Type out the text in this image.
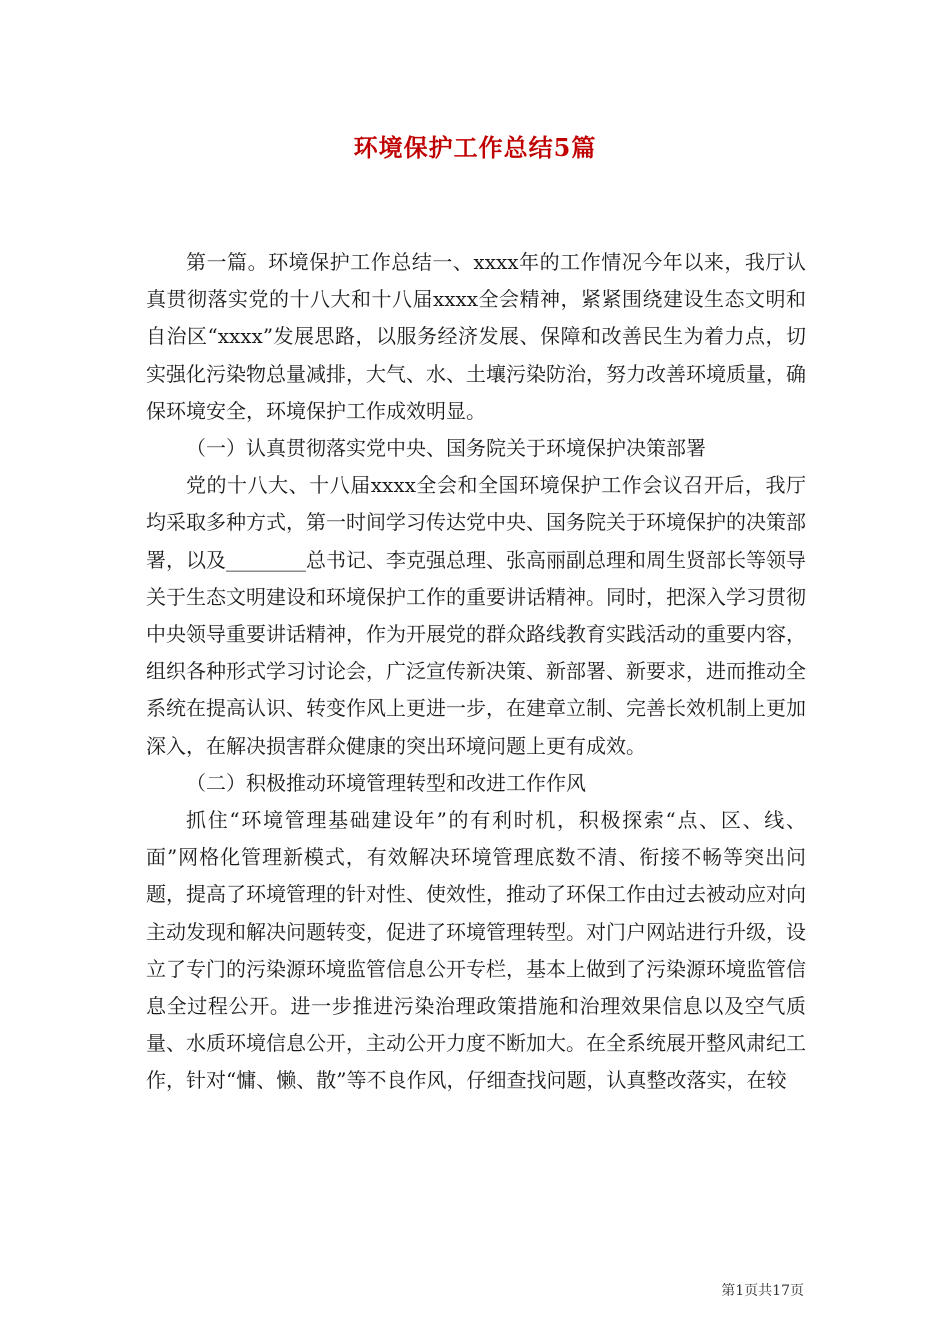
环境保护工作总结5篇

第一篇。环境保护工作总结一、xxxx年的工作情况今年以来，我厅认真贯彻落实党的十八大和十八届xxxx全会精神，紧紧围绕建设生态文明和自治区“xxxx”发展思路，以服务经济发展、保障和改善民生为着力点，切实强化污染物总量减排，大气、水、土壤污染防治，努力改善环境质量，确保环境安全，环境保护工作成效明显。

（一）认真贯彻落实党中央、国务院关于环境保护决策部署

党的十八大、十八届xxxx全会和全国环境保护工作会议召开后，我厅均采取多种方式，第一时间学习传达党中央、国务院关于环境保护的决策部署，以及________总书记、李克强总理、张高丽副总理和周生贤部长等领导关于生态文明建设和环境保护工作的重要讲话精神。同时，把深入学习贯彻中央领导重要讲话精神，作为开展党的群众路线教育实践活动的重要内容，组织各种形式学习讨论会，广泛宣传新决策、新部署、新要求，进而推动全系统在提高认识、转变作风上更进一步，在建章立制、完善长效机制上更加深入，在解决损害群众健康的突出环境问题上更有成效。

（二）积极推动环境管理转型和改进工作作风

抓住“环境管理基础建设年”的有利时机，积极探索“点、区、线、面”网格化管理新模式，有效解决环境管理底数不清、衔接不畅等突出问题，提高了环境管理的针对性、使效性，推动了环保工作由过去被动应对向主动发现和解决问题转变，促进了环境管理转型。对门户网站进行升级，设立了专门的污染源环境监管信息公开专栏，基本上做到了污染源环境监管信息全过程公开。进一步推进污染治理政策措施和治理效果信息以及空气质量、水质环境信息公开，主动公开力度不断加大。在全系统展开整风肃纪工作，针对“慵、懒、散”等不良作风，仔细查找问题，认真整改落实，在较

第1页共17页
